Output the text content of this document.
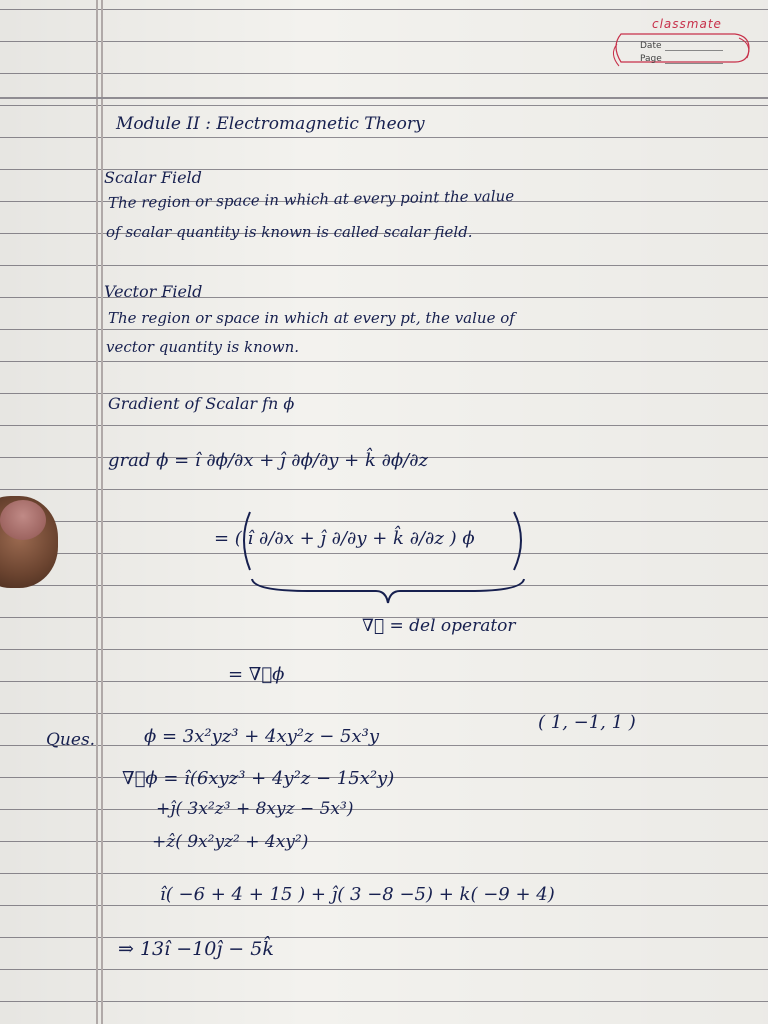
classmate
Date
Page
Module II : Electromagnetic Theory
Scalar Field
The region or space in which at every point the value
of scalar quantity is known is called scalar field.
Vector Field
The region or space in which at every pt, the value of
vector quantity is known.
Gradient of Scalar fn ϕ
grad ϕ = î ∂ϕ/∂x + ĵ ∂ϕ/∂y + k̂ ∂ϕ/∂z
= ( î ∂/∂x + ĵ ∂/∂y + k̂ ∂/∂z ) ϕ
∇⃗ = del operator
= ∇⃗ϕ
Ques.	ϕ = 3x²yz³ + 4xy²z − 5x³y
( 1, −1, 1 )
∇⃗ϕ = î(6xyz³ + 4y²z − 15x²y)
+ĵ( 3x²z³ + 8xyz − 5x³)
+ẑ( 9x²yz² + 4xy²)
î( −6 + 4 + 15 ) + ĵ( 3 −8 −5) + k( −9 + 4)
⇒ 13î −10ĵ − 5k̂
